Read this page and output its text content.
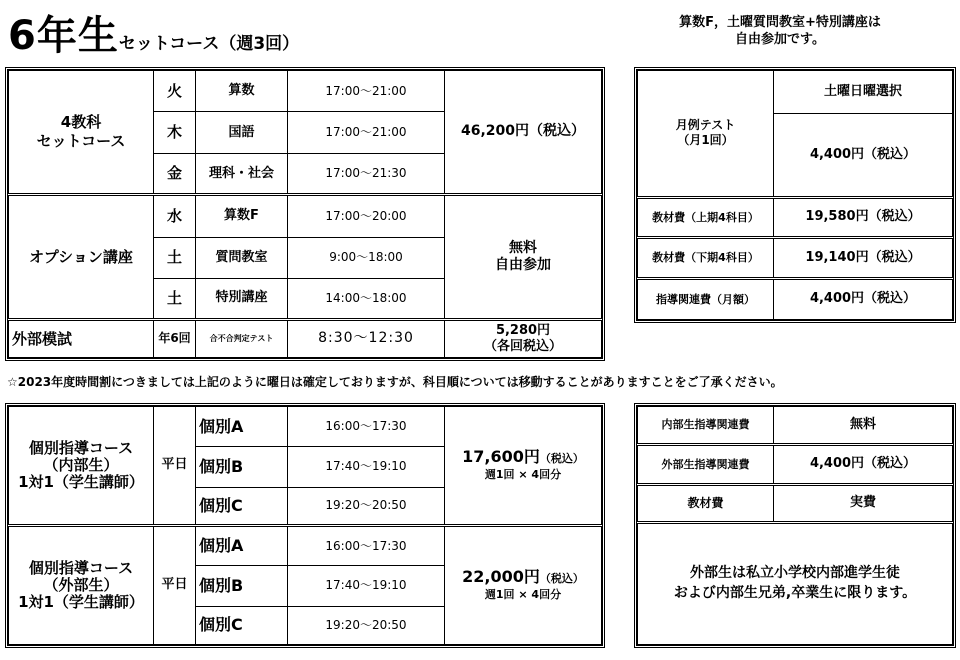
6年生セットコース（週3回）
算数F，土曜質問教室+特別講座は
自由参加です。
4教科
セットコース	火	算数	17:00～21:00	46,200円（税込）
	木	国語	17:00～21:00	
	金	理科・社会	17:00～21:30	
オプション講座	水	算数F	17:00～20:00	無料
自由参加
	土	質問教室	9:00～18:00	
	土	特別講座	14:00～18:00	
外部模試	年6回	合不合判定テスト	8:30～12:30	5,280円
（各回税込）
月例テスト
（月1回）	土曜日曜選択
	4,400円（税込）
教材費（上期4科目）	19,580円（税込）
教材費（下期4科目）	19,140円（税込）
指導関連費（月額）	4,400円（税込）
☆2023年度時間割につきましては上記のように曜日は確定しておりますが、科目順については移動することがありますことをご了承ください。
個別指導コース
（内部生）
1対1（学生講師）	平日	個別A	16:00～17:30	17,600円（税込）
週1回 × 4回分
		個別B	17:40～19:10	
		個別C	19:20～20:50	
個別指導コース
（外部生）
1対1（学生講師）	平日	個別A	16:00～17:30	22,000円（税込）
週1回 × 4回分
		個別B	17:40～19:10	
		個別C	19:20～20:50	
内部生指導関連費	無料
外部生指導関連費	4,400円（税込）
教材費	実費
外部生は私立小学校内部進学生徒
および内部生兄弟,卒業生に限ります。	
